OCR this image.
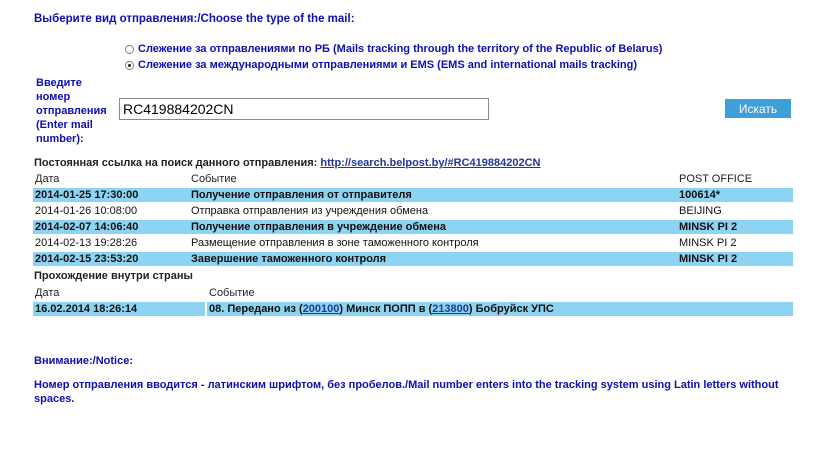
Выберите вид отправления:/Choose the type of the mail:
Слежение за отправлениями по РБ (Mails tracking through the territory of the Republic of Belarus)
Слежение за международными отправлениями и EMS (EMS and international mails tracking)
Введите
номер
отправления
(Enter mail
number):
RC419884202CN
Искать
Постоянная ссылка на поиск данного отправления: http://search.belpost.by/#RC419884202CN
Дата	Событие	POST OFFICE
2014-01-25 17:30:00	Получение отправления от отправителя	100614*
2014-01-26 10:08:00	Отправка отправления из учреждения обмена	BEIJING
2014-02-07 14:06:40	Получение отправления в учреждение обмена	MINSK PI 2
2014-02-13 19:28:26	Размещение отправления в зоне таможенного контроля	MINSK PI 2
2014-02-15 23:53:20	Завершение таможенного контроля	MINSK PI 2
Прохождение внутри страны
Дата	Событие
16.02.2014 18:26:14	08. Передано из (200100) Минск ПОПП в (213800) Бобруйск УПС
Внимание:/Notice:
Номер отправления вводится - латинским шрифтом, без пробелов./Mail number enters into the tracking system using Latin letters without spaces.
